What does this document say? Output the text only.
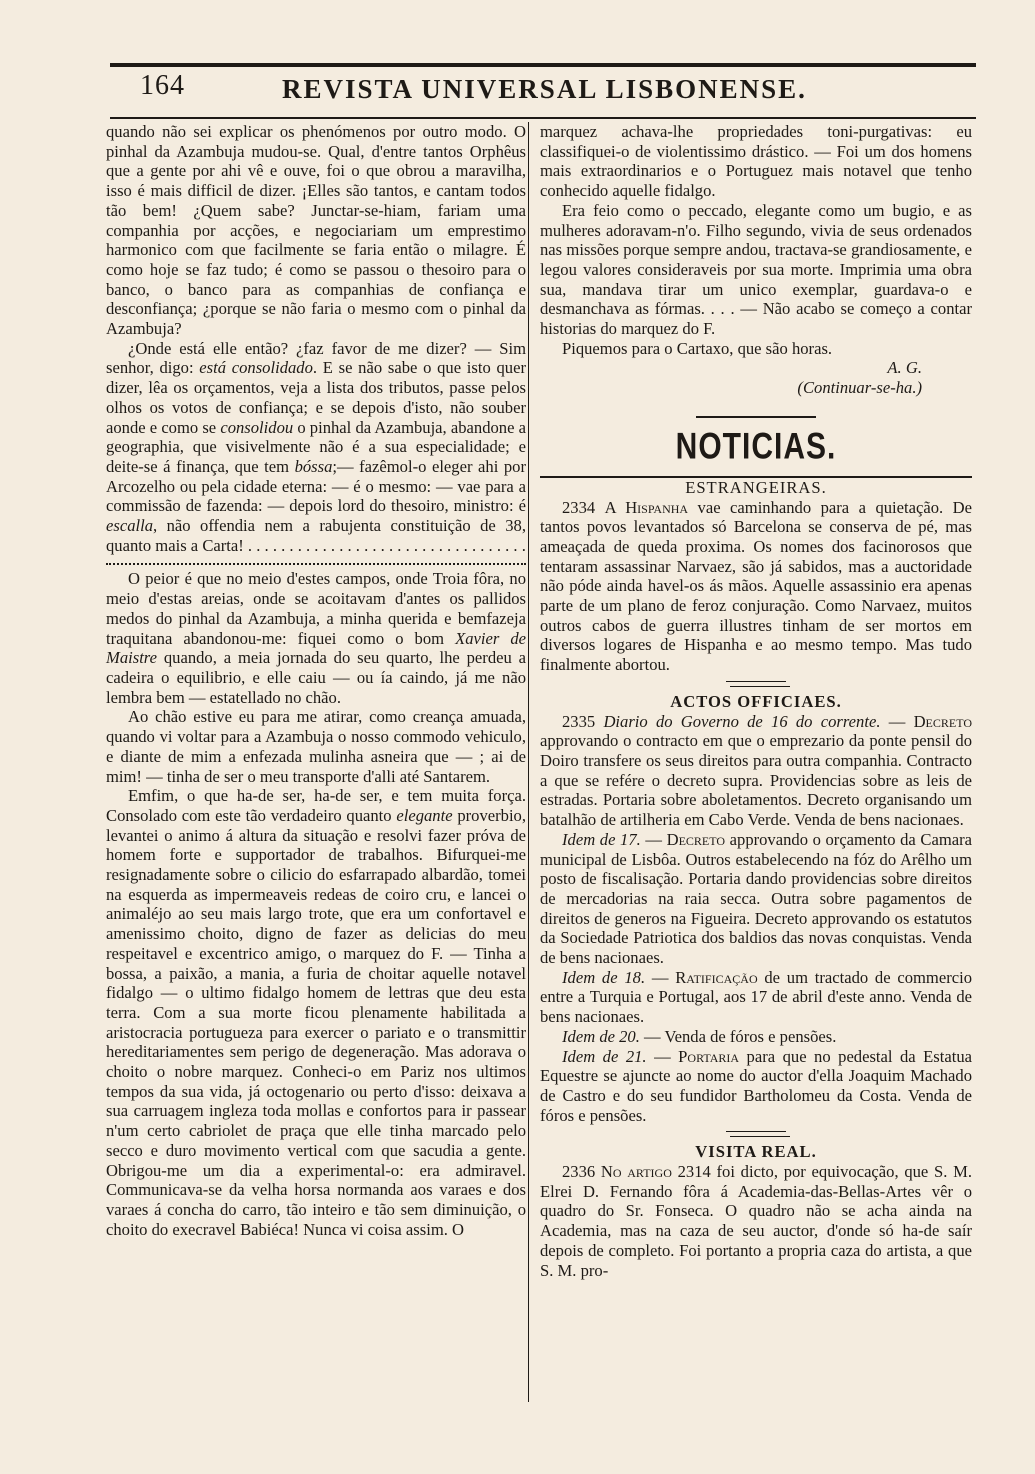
164	REVISTA UNIVERSAL LISBONENSE.

quando não sei explicar os phenómenos por outro modo. O pinhal da Azambuja mudou-se. Qual, d'entre tantos Orphêus que a gente por ahi vê e ouve, foi o que obrou a maravilha, isso é mais difficil de dizer. ¡Elles são tantos, e cantam todos tão bem! ¿Quem sabe? Junctar-se-hiam, fariam uma companhia por acções, e negociariam um emprestimo harmonico com que facilmente se faria então o milagre. É como hoje se faz tudo; é como se passou o thesoiro para o banco, o banco para as companhias de confiança e desconfiança; ¿porque se não faria o mesmo com o pinhal da Azambuja?

¿Onde está elle então? ¿faz favor de me dizer? — Sim senhor, digo: está consolidado. E se não sabe o que isto quer dizer, lêa os orçamentos, veja a lista dos tributos, passe pelos olhos os votos de confiança; e se depois d'isto, não souber aonde e como se consolidou o pinhal da Azambuja, abandone a geographia, que visivelmente não é a sua especialidade; e deite-se á finança, que tem bóssa;— fazêmol-o eleger ahi por Arcozelho ou pela cidade eterna: — é o mesmo: — vae para a commissão de fazenda: — depois lord do thesoiro, ministro: é escalla, não offendia nem a rabujenta constituição de 38, quanto mais a Carta! . . . . . . . . . . . . . . . . . . . . . . . . . . . . . . . . . .

O peior é que no meio d'estes campos, onde Troia fôra, no meio d'estas areias, onde se acoitavam d'antes os pallidos medos do pinhal da Azambuja, a minha querida e bemfazeja traquitana abandonou-me: fiquei como o bom Xavier de Maistre quando, a meia jornada do seu quarto, lhe perdeu a cadeira o equilibrio, e elle caiu — ou ía caindo, já me não lembra bem — estatellado no chão.

Ao chão estive eu para me atirar, como creança amuada, quando vi voltar para a Azambuja o nosso commodo vehiculo, e diante de mim a enfezada mulinha asneira que — ; ai de mim! — tinha de ser o meu transporte d'alli até Santarem.

Emfim, o que ha-de ser, ha-de ser, e tem muita força. Consolado com este tão verdadeiro quanto elegante proverbio, levantei o animo á altura da situação e resolvi fazer próva de homem forte e supportador de trabalhos. Bifurquei-me resignadamente sobre o cilicio do esfarrapado albardão, tomei na esquerda as impermeaveis redeas de coiro cru, e lancei o animaléjo ao seu mais largo trote, que era um confortavel e amenissimo choito, digno de fazer as delicias do meu respeitavel e excentrico amigo, o marquez do F. — Tinha a bossa, a paixão, a mania, a furia de choitar aquelle notavel fidalgo — o ultimo fidalgo homem de lettras que deu esta terra. Com a sua morte ficou plenamente habilitada a aristocracia portugueza para exercer o pariato e o transmittir hereditariamentes sem perigo de degeneração. Mas adorava o choito o nobre marquez. Conheci-o em Pariz nos ultimos tempos da sua vida, já octogenario ou perto d'isso: deixava a sua carruagem ingleza toda mollas e confortos para ir passear n'um certo cabriolet de praça que elle tinha marcado pelo secco e duro movimento vertical com que sacudia a gente. Obrigou-me um dia a experimental-o: era admiravel. Communicava-se da velha horsa normanda aos varaes e dos varaes á concha do carro, tão inteiro e tão sem diminuição, o choito do execravel Babiéca! Nunca vi coisa assim. O

marquez achava-lhe propriedades toni-purgativas: eu classifiquei-o de violentissimo drástico. — Foi um dos homens mais extraordinarios e o Portuguez mais notavel que tenho conhecido aquelle fidalgo.

Era feio como o peccado, elegante como um bugio, e as mulheres adoravam-n'o. Filho segundo, vivia de seus ordenados nas missões porque sempre andou, tractava-se grandiosamente, e legou valores consideraveis por sua morte. Imprimia uma obra sua, mandava tirar um unico exemplar, guardava-o e desmanchava as fórmas. . . . — Não acabo se começo a contar historias do marquez do F.

Piquemos para o Cartaxo, que são horas.

A. G.

(Continuar-se-ha.)

NOTICIAS.
ESTRANGEIRAS.

2334 A Hispanha vae caminhando para a quietação. De tantos povos levantados só Barcelona se conserva de pé, mas ameaçada de queda proxima. Os nomes dos facinorosos que tentaram assassinar Narvaez, são já sabidos, mas a auctoridade não póde ainda havel-os ás mãos. Aquelle assassinio era apenas parte de um plano de feroz conjuração. Como Narvaez, muitos outros cabos de guerra illustres tinham de ser mortos em diversos logares de Hispanha e ao mesmo tempo. Mas tudo finalmente abortou.

ACTOS OFFICIAES.

2335 Diario do Governo de 16 do corrente. — Decreto approvando o contracto em que o emprezario da ponte pensil do Doiro transfere os seus direitos para outra companhia. Contracto a que se refére o decreto supra. Providencias sobre as leis de estradas. Portaria sobre aboletamentos. Decreto organisando um batalhão de artilheria em Cabo Verde. Venda de bens nacionaes.

Idem de 17. — Decreto approvando o orçamento da Camara municipal de Lisbôa. Outros estabelecendo na fóz do Arêlho um posto de fiscalisação. Portaria dando providencias sobre direitos de mercadorias na raia secca. Outra sobre pagamentos de direitos de generos na Figueira. Decreto approvando os estatutos da Sociedade Patriotica dos baldios das novas conquistas. Venda de bens nacionaes.

Idem de 18. — Ratificação de um tractado de commercio entre a Turquia e Portugal, aos 17 de abril d'este anno. Venda de bens nacionaes.

Idem de 20. — Venda de fóros e pensões.

Idem de 21. — Portaria para que no pedestal da Estatua Equestre se ajuncte ao nome do auctor d'ella Joaquim Machado de Castro e do seu fundidor Bartholomeu da Costa. Venda de fóros e pensões.

VISITA REAL.

2336 No artigo 2314 foi dicto, por equivocação, que S. M. Elrei D. Fernando fôra á Academia-das-Bellas-Artes vêr o quadro do Sr. Fonseca. O quadro não se acha ainda na Academia, mas na caza de seu auctor, d'onde só ha-de saír depois de completo. Foi portanto a propria caza do artista, a que S. M. pro-
